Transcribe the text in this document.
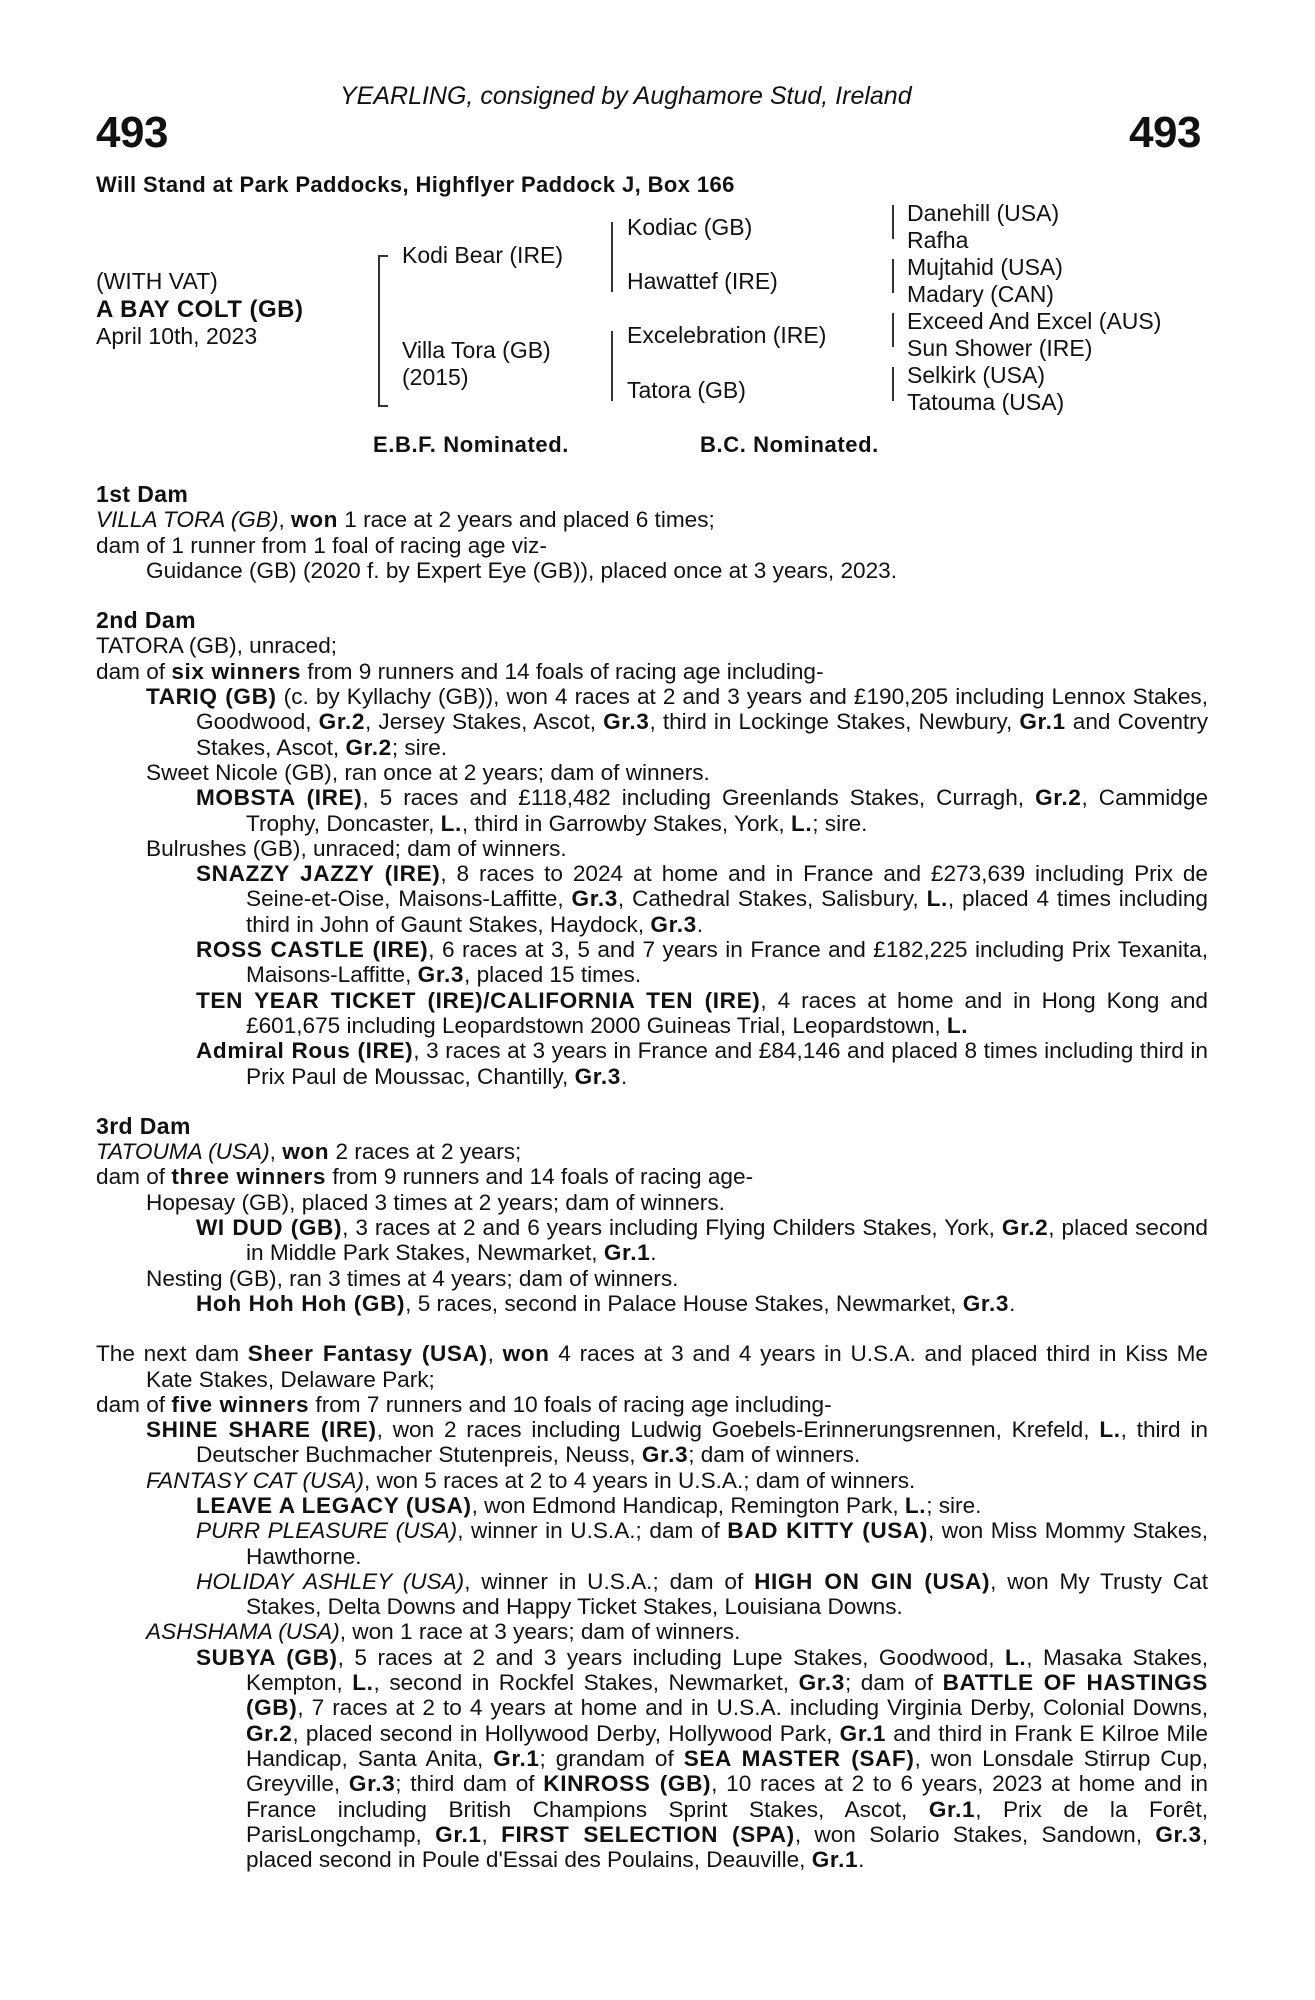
493
YEARLING, consigned by Aughamore Stud, Ireland
493
Will Stand at Park Paddocks, Highflyer Paddock J, Box 166
(WITH VAT)
A BAY COLT (GB)
April 10th, 2023
Kodi Bear (IRE)
Villa Tora (GB)
(2015)
Kodiac (GB)
Hawattef (IRE)
Excelebration (IRE)
Tatora (GB)
Danehill (USA)
Rafha
Mujtahid (USA)
Madary (CAN)
Exceed And Excel (AUS)
Sun Shower (IRE)
Selkirk (USA)
Tatouma (USA)
E.B.F. Nominated.	B.C. Nominated.

1st Dam

VILLA TORA (GB), won 1 race at 2 years and placed 6 times;

dam of 1 runner from 1 foal of racing age viz-

Guidance (GB) (2020 f. by Expert Eye (GB)), placed once at 3 years, 2023.

2nd Dam

TATORA (GB), unraced;

dam of six winners from 9 runners and 14 foals of racing age including-

TARIQ (GB) (c. by Kyllachy (GB)), won 4 races at 2 and 3 years and £190,205 including Lennox Stakes, Goodwood, Gr.2, Jersey Stakes, Ascot, Gr.3, third in Lockinge Stakes, Newbury, Gr.1 and Coventry Stakes, Ascot, Gr.2; sire.

Sweet Nicole (GB), ran once at 2 years; dam of winners.

MOBSTA (IRE), 5 races and £118,482 including Greenlands Stakes, Curragh, Gr.2, Cammidge Trophy, Doncaster, L., third in Garrowby Stakes, York, L.; sire.

Bulrushes (GB), unraced; dam of winners.

SNAZZY JAZZY (IRE), 8 races to 2024 at home and in France and £273,639 including Prix de Seine-et-Oise, Maisons-Laffitte, Gr.3, Cathedral Stakes, Salisbury, L., placed 4 times including third in John of Gaunt Stakes, Haydock, Gr.3.

ROSS CASTLE (IRE), 6 races at 3, 5 and 7 years in France and £182,225 including Prix Texanita, Maisons-Laffitte, Gr.3, placed 15 times.

TEN YEAR TICKET (IRE)/CALIFORNIA TEN (IRE), 4 races at home and in Hong Kong and £601,675 including Leopardstown 2000 Guineas Trial, Leopardstown, L.

Admiral Rous (IRE), 3 races at 3 years in France and £84,146 and placed 8 times including third in Prix Paul de Moussac, Chantilly, Gr.3.

3rd Dam

TATOUMA (USA), won 2 races at 2 years;

dam of three winners from 9 runners and 14 foals of racing age-

Hopesay (GB), placed 3 times at 2 years; dam of winners.

WI DUD (GB), 3 races at 2 and 6 years including Flying Childers Stakes, York, Gr.2, placed second in Middle Park Stakes, Newmarket, Gr.1.

Nesting (GB), ran 3 times at 4 years; dam of winners.

Hoh Hoh Hoh (GB), 5 races, second in Palace House Stakes, Newmarket, Gr.3.

The next dam Sheer Fantasy (USA), won 4 races at 3 and 4 years in U.S.A. and placed third in Kiss Me Kate Stakes, Delaware Park;

dam of five winners from 7 runners and 10 foals of racing age including-

SHINE SHARE (IRE), won 2 races including Ludwig Goebels-Erinnerungsrennen, Krefeld, L., third in Deutscher Buchmacher Stutenpreis, Neuss, Gr.3; dam of winners.

FANTASY CAT (USA), won 5 races at 2 to 4 years in U.S.A.; dam of winners.

LEAVE A LEGACY (USA), won Edmond Handicap, Remington Park, L.; sire.

PURR PLEASURE (USA), winner in U.S.A.; dam of BAD KITTY (USA), won Miss Mommy Stakes, Hawthorne.

HOLIDAY ASHLEY (USA), winner in U.S.A.; dam of HIGH ON GIN (USA), won My Trusty Cat Stakes, Delta Downs and Happy Ticket Stakes, Louisiana Downs.

ASHSHAMA (USA), won 1 race at 3 years; dam of winners.

SUBYA (GB), 5 races at 2 and 3 years including Lupe Stakes, Goodwood, L., Masaka Stakes, Kempton, L., second in Rockfel Stakes, Newmarket, Gr.3; dam of BATTLE OF HASTINGS (GB), 7 races at 2 to 4 years at home and in U.S.A. including Virginia Derby, Colonial Downs, Gr.2, placed second in Hollywood Derby, Hollywood Park, Gr.1 and third in Frank E Kilroe Mile Handicap, Santa Anita, Gr.1; grandam of SEA MASTER (SAF), won Lonsdale Stirrup Cup, Greyville, Gr.3; third dam of KINROSS (GB), 10 races at 2 to 6 years, 2023 at home and in France including British Champions Sprint Stakes, Ascot, Gr.1, Prix de la Forêt, ParisLongchamp, Gr.1, FIRST SELECTION (SPA), won Solario Stakes, Sandown, Gr.3, placed second in Poule d'Essai des Poulains, Deauville, Gr.1.
